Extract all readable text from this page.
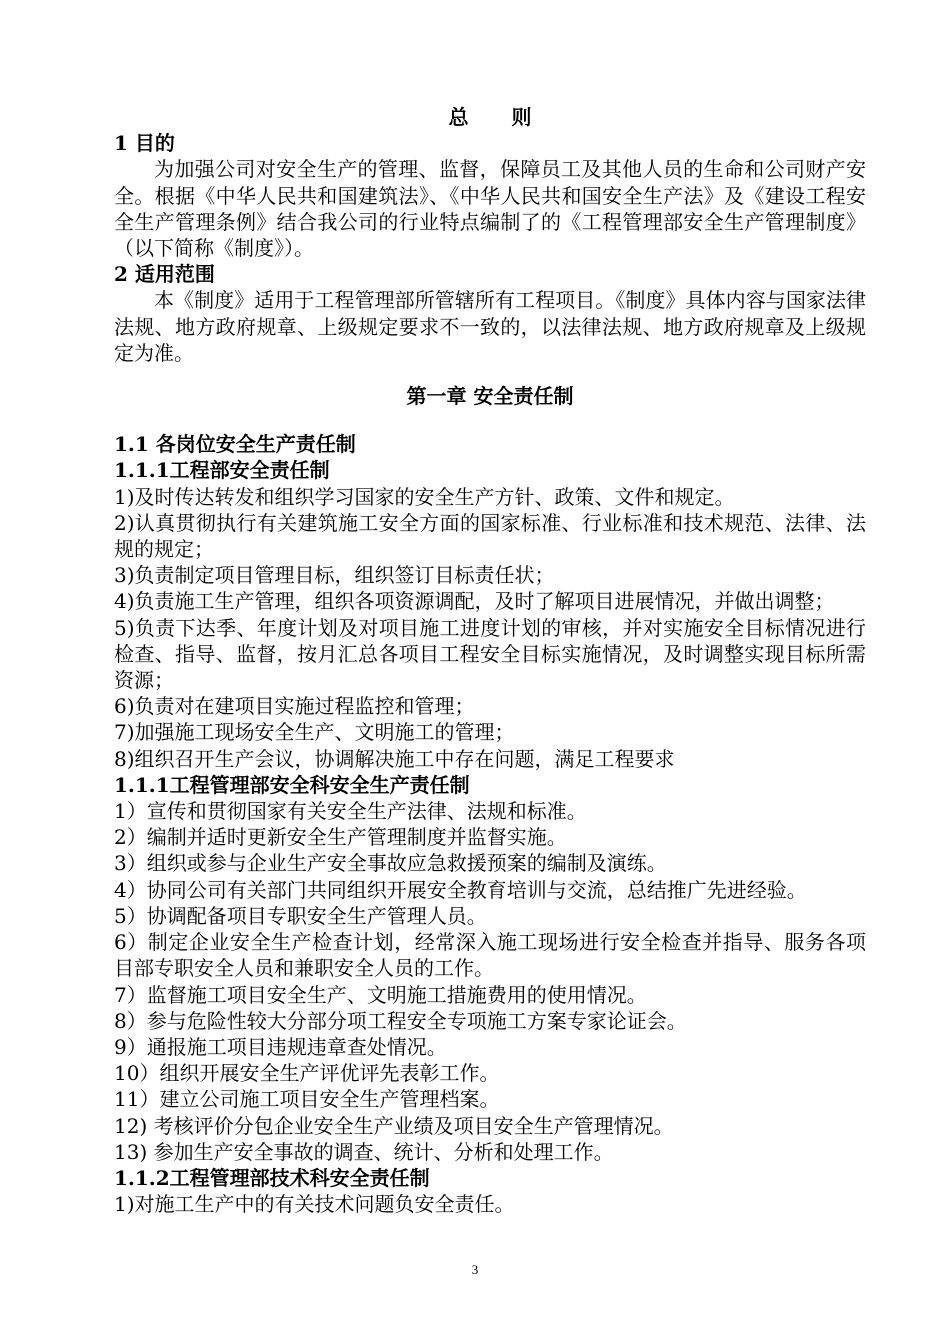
总 则

1 目的

为加强公司对安全生产的管理、监督，保障员工及其他人员的生命和公司财产安全。根据《中华人民共和国建筑法》、《中华人民共和国安全生产法》及《建设工程安全生产管理条例》结合我公司的行业特点编制了的《工程管理部安全生产管理制度》（以下简称《制度》）。

2 适用范围

本《制度》适用于工程管理部所管辖所有工程项目。《制度》具体内容与国家法律法规、地方政府规章、上级规定要求不一致的，以法律法规、地方政府规章及上级规定为准。

第一章 安全责任制

1.1 各岗位安全生产责任制

1.1.1工程部安全责任制

1)及时传达转发和组织学习国家的安全生产方针、政策、文件和规定。

2)认真贯彻执行有关建筑施工安全方面的国家标准、行业标准和技术规范、法律、法规的规定；

3)负责制定项目管理目标，组织签订目标责任状；

4)负责施工生产管理，组织各项资源调配，及时了解项目进展情况，并做出调整；

5)负责下达季、年度计划及对项目施工进度计划的审核，并对实施安全目标情况进行检查、指导、监督，按月汇总各项目工程安全目标实施情况，及时调整实现目标所需资源；

6)负责对在建项目实施过程监控和管理；

7)加强施工现场安全生产、文明施工的管理；

8)组织召开生产会议，协调解决施工中存在问题，满足工程要求

1.1.1工程管理部安全科安全生产责任制

1）宣传和贯彻国家有关安全生产法律、法规和标准。

2）编制并适时更新安全生产管理制度并监督实施。

3）组织或参与企业生产安全事故应急救援预案的编制及演练。

4）协同公司有关部门共同组织开展安全教育培训与交流，总结推广先进经验。

5）协调配备项目专职安全生产管理人员。

6）制定企业安全生产检查计划，经常深入施工现场进行安全检查并指导、服务各项目部专职安全人员和兼职安全人员的工作。

7）监督施工项目安全生产、文明施工措施费用的使用情况。

8）参与危险性较大分部分项工程安全专项施工方案专家论证会。

9）通报施工项目违规违章查处情况。

10）组织开展安全生产评优评先表彰工作。

11）建立公司施工项目安全生产管理档案。

12) 考核评价分包企业安全生产业绩及项目安全生产管理情况。

13) 参加生产安全事故的调查、统计、分析和处理工作。

1.1.2工程管理部技术科安全责任制

1)对施工生产中的有关技术问题负安全责任。

3
